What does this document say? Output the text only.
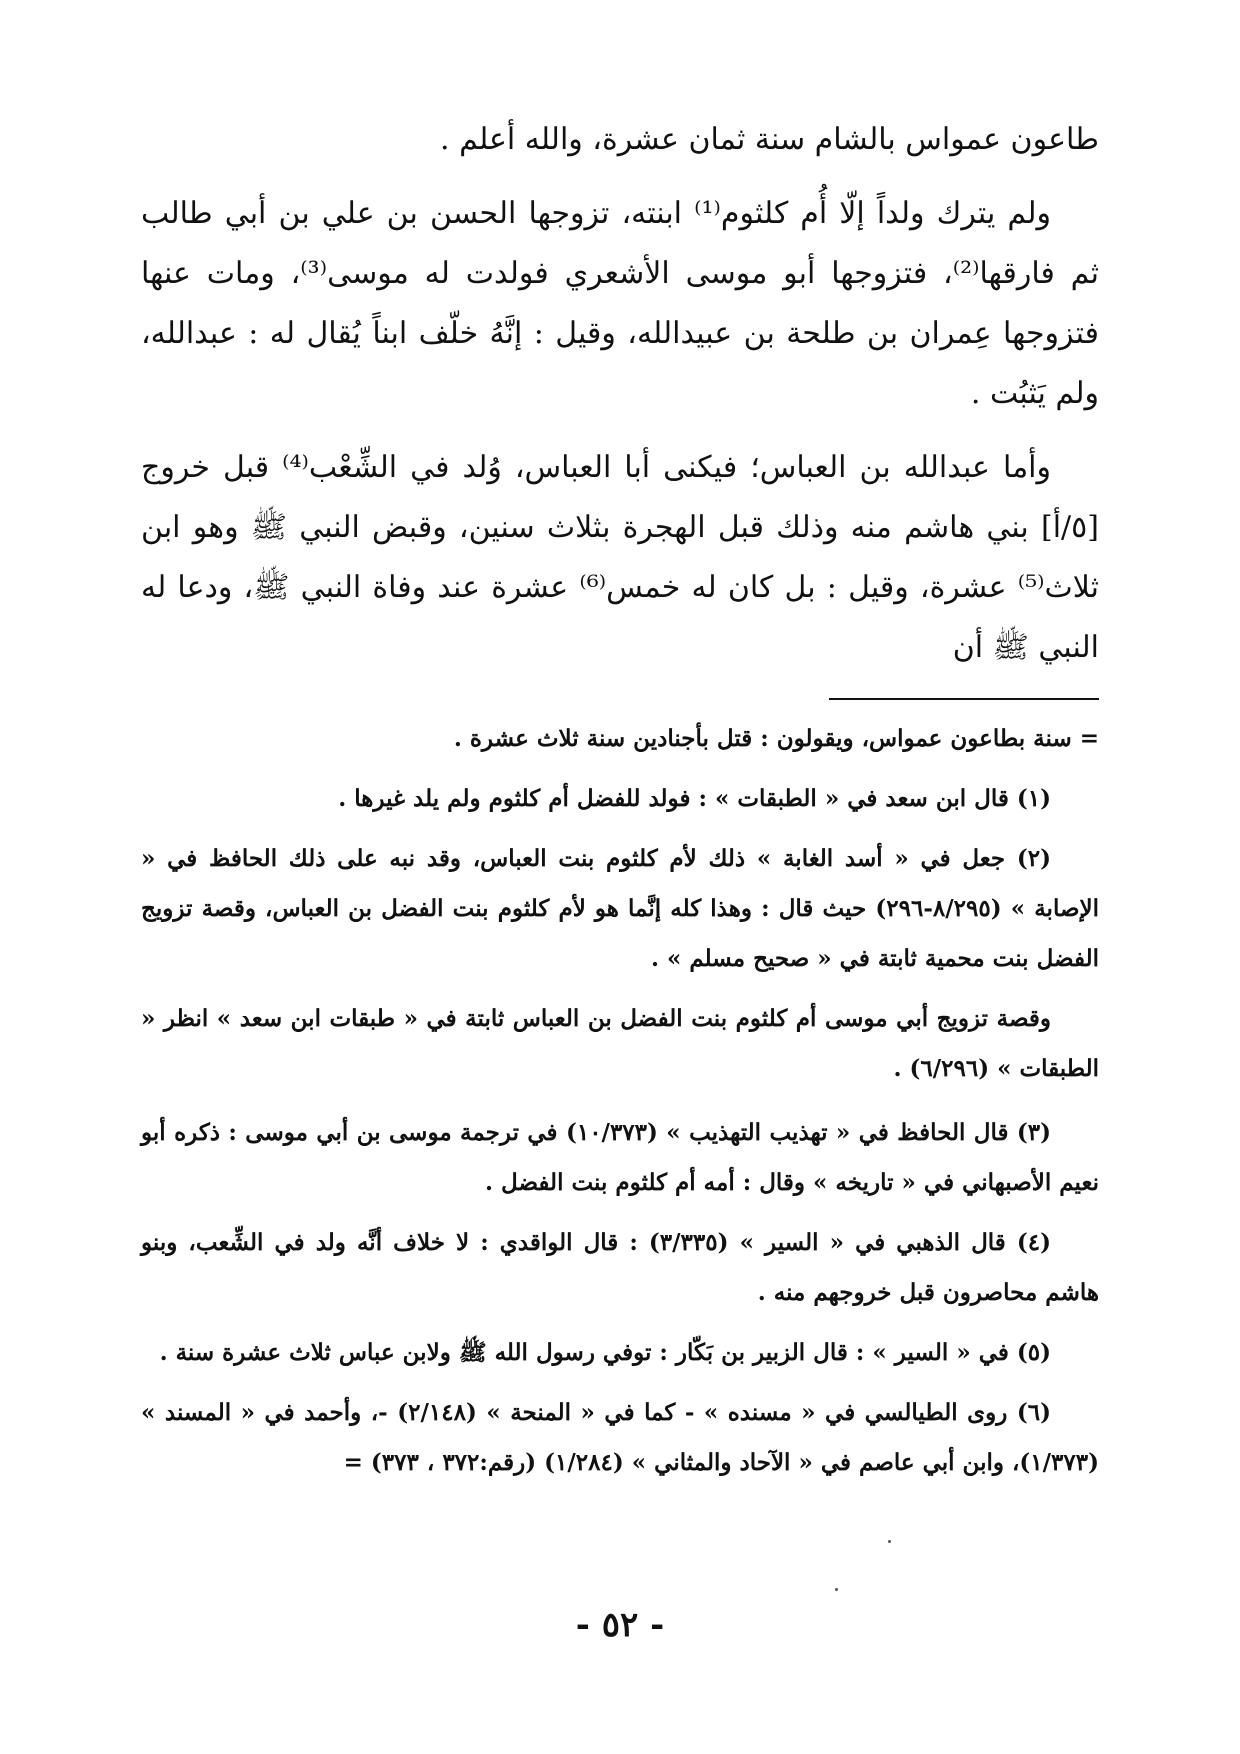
طاعون عمواس بالشام سنة ثمان عشرة، والله أعلم .

ولم يترك ولداً إلّا أُم كلثوم⁽¹⁾ ابنته، تزوجها الحسن بن علي بن أبي طالب ثم فارقها⁽²⁾، فتزوجها أبو موسى الأشعري فولدت له موسى⁽³⁾، ومات عنها فتزوجها عِمران بن طلحة بن عبيدالله، وقيل : إنَّهُ خلّف ابناً يُقال له : عبدالله، ولم يَثبُت .

وأما عبدالله بن العباس؛ فيكنى أبا العباس، وُلد في الشِّعْب⁽⁴⁾ قبل خروج [٥/أ] بني هاشم منه وذلك قبل الهجرة بثلاث سنين، وقبض النبي ﷺ وهو ابن ثلاث⁽⁵⁾ عشرة، وقيل : بل كان له خمس⁽⁶⁾ عشرة عند وفاة النبي ﷺ، ودعا له النبي ﷺ أن

= سنة بطاعون عمواس، ويقولون : قتل بأجنادين سنة ثلاث عشرة .

(١) قال ابن سعد في « الطبقات » : فولد للفضل أم كلثوم ولم يلد غيرها .

(٢) جعل في « أسد الغابة » ذلك لأم كلثوم بنت العباس، وقد نبه على ذلك الحافظ في « الإصابة » (٨/٢٩٥-٢٩٦) حيث قال : وهذا كله إنَّما هو لأم كلثوم بنت الفضل بن العباس، وقصة تزويج الفضل بنت محمية ثابتة في « صحيح مسلم » .

وقصة تزويج أبي موسى أم كلثوم بنت الفضل بن العباس ثابتة في « طبقات ابن سعد » انظر « الطبقات » (٦/٢٩٦) .

(٣) قال الحافظ في « تهذيب التهذيب » (١٠/٣٧٣) في ترجمة موسى بن أبي موسى : ذكره أبو نعيم الأصبهاني في « تاريخه » وقال : أمه أم كلثوم بنت الفضل .

(٤) قال الذهبي في « السير » (٣/٣٣٥) : قال الواقدي : لا خلاف أنَّه ولد في الشِّعب، وبنو هاشم محاصرون قبل خروجهم منه .

(٥) في « السير » : قال الزبير بن بَكّار : توفي رسول الله ﷺ ولابن عباس ثلاث عشرة سنة .

(٦) روى الطيالسي في « مسنده » - كما في « المنحة » (٢/١٤٨) -، وأحمد في « المسند » (١/٣٧٣)، وابن أبي عاصم في « الآحاد والمثاني » (١/٢٨٤) (رقم:٣٧٢ ، ٣٧٣) =

- ٥٢ -
